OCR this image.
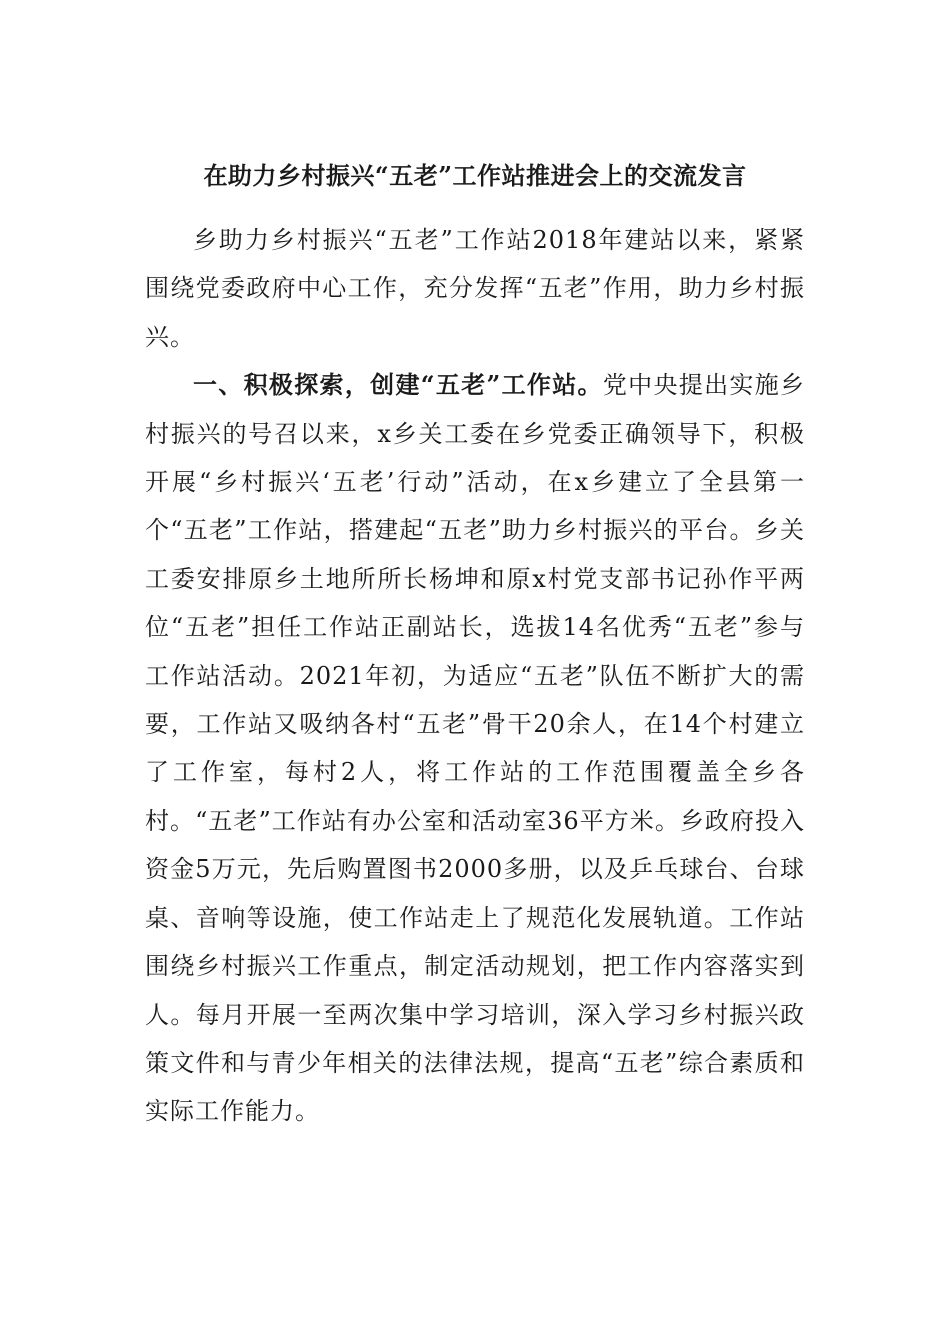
在助力乡村振兴“五老”工作站推进会上的交流发言

乡助力乡村振兴“五老”工作站2018年建站以来，紧紧围绕党委政府中心工作，充分发挥“五老”作用，助力乡村振兴。

一、积极探索，创建“五老”工作站。党中央提出实施乡村振兴的号召以来，x乡关工委在乡党委正确领导下，积极开展“乡村振兴‘五老’行动”活动，在x乡建立了全县第一个“五老”工作站，搭建起“五老”助力乡村振兴的平台。乡关工委安排原乡土地所所长杨坤和原x村党支部书记孙作平两位“五老”担任工作站正副站长，选拔14名优秀“五老”参与工作站活动。2021年初，为适应“五老”队伍不断扩大的需要，工作站又吸纳各村“五老”骨干20余人，在14个村建立了工作室，每村2人，将工作站的工作范围覆盖全乡各村。“五老”工作站有办公室和活动室36平方米。乡政府投入资金5万元，先后购置图书2000多册，以及乒乓球台、台球桌、音响等设施，使工作站走上了规范化发展轨道。工作站围绕乡村振兴工作重点，制定活动规划，把工作内容落实到人。每月开展一至两次集中学习培训，深入学习乡村振兴政策文件和与青少年相关的法律法规，提高“五老”综合素质和实际工作能力。
